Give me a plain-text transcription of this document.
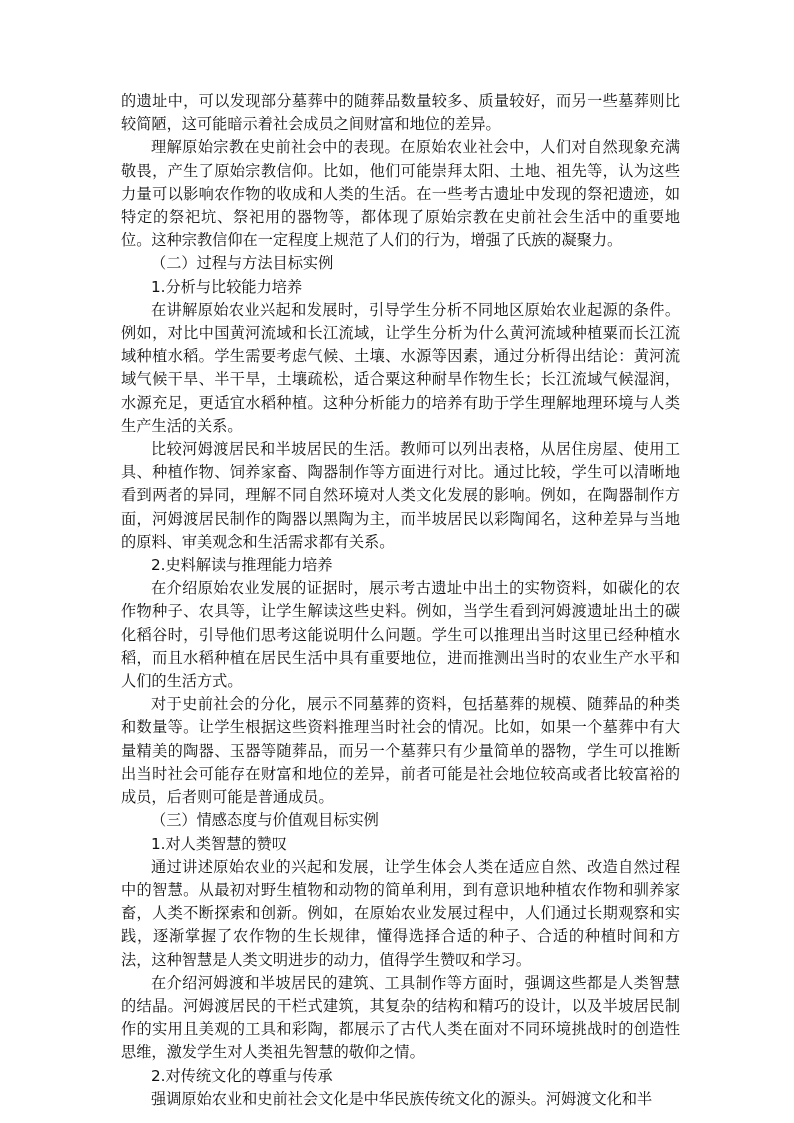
的遗址中，可以发现部分墓葬中的随葬品数量较多、质量较好，而另一些墓葬则比较简陋，这可能暗示着社会成员之间财富和地位的差异。

理解原始宗教在史前社会中的表现。在原始农业社会中，人们对自然现象充满敬畏，产生了原始宗教信仰。比如，他们可能崇拜太阳、土地、祖先等，认为这些力量可以影响农作物的收成和人类的生活。在一些考古遗址中发现的祭祀遗迹，如特定的祭祀坑、祭祀用的器物等，都体现了原始宗教在史前社会生活中的重要地位。这种宗教信仰在一定程度上规范了人们的行为，增强了氏族的凝聚力。

（二）过程与方法目标实例

1.分析与比较能力培养

在讲解原始农业兴起和发展时，引导学生分析不同地区原始农业起源的条件。例如，对比中国黄河流域和长江流域，让学生分析为什么黄河流域种植粟而长江流域种植水稻。学生需要考虑气候、土壤、水源等因素，通过分析得出结论：黄河流域气候干旱、半干旱，土壤疏松，适合粟这种耐旱作物生长；长江流域气候湿润，水源充足，更适宜水稻种植。这种分析能力的培养有助于学生理解地理环境与人类生产生活的关系。

比较河姆渡居民和半坡居民的生活。教师可以列出表格，从居住房屋、使用工具、种植作物、饲养家畜、陶器制作等方面进行对比。通过比较，学生可以清晰地看到两者的异同，理解不同自然环境对人类文化发展的影响。例如，在陶器制作方面，河姆渡居民制作的陶器以黑陶为主，而半坡居民以彩陶闻名，这种差异与当地的原料、审美观念和生活需求都有关系。

2.史料解读与推理能力培养

在介绍原始农业发展的证据时，展示考古遗址中出土的实物资料，如碳化的农作物种子、农具等，让学生解读这些史料。例如，当学生看到河姆渡遗址出土的碳化稻谷时，引导他们思考这能说明什么问题。学生可以推理出当时这里已经种植水稻，而且水稻种植在居民生活中具有重要地位，进而推测出当时的农业生产水平和人们的生活方式。

对于史前社会的分化，展示不同墓葬的资料，包括墓葬的规模、随葬品的种类和数量等。让学生根据这些资料推理当时社会的情况。比如，如果一个墓葬中有大量精美的陶器、玉器等随葬品，而另一个墓葬只有少量简单的器物，学生可以推断出当时社会可能存在财富和地位的差异，前者可能是社会地位较高或者比较富裕的成员，后者则可能是普通成员。

（三）情感态度与价值观目标实例

1.对人类智慧的赞叹

通过讲述原始农业的兴起和发展，让学生体会人类在适应自然、改造自然过程中的智慧。从最初对野生植物和动物的简单利用，到有意识地种植农作物和驯养家畜，人类不断探索和创新。例如，在原始农业发展过程中，人们通过长期观察和实践，逐渐掌握了农作物的生长规律，懂得选择合适的种子、合适的种植时间和方法，这种智慧是人类文明进步的动力，值得学生赞叹和学习。

在介绍河姆渡和半坡居民的建筑、工具制作等方面时，强调这些都是人类智慧的结晶。河姆渡居民的干栏式建筑，其复杂的结构和精巧的设计，以及半坡居民制作的实用且美观的工具和彩陶，都展示了古代人类在面对不同环境挑战时的创造性思维，激发学生对人类祖先智慧的敬仰之情。

2.对传统文化的尊重与传承

强调原始农业和史前社会文化是中华民族传统文化的源头。河姆渡文化和半
